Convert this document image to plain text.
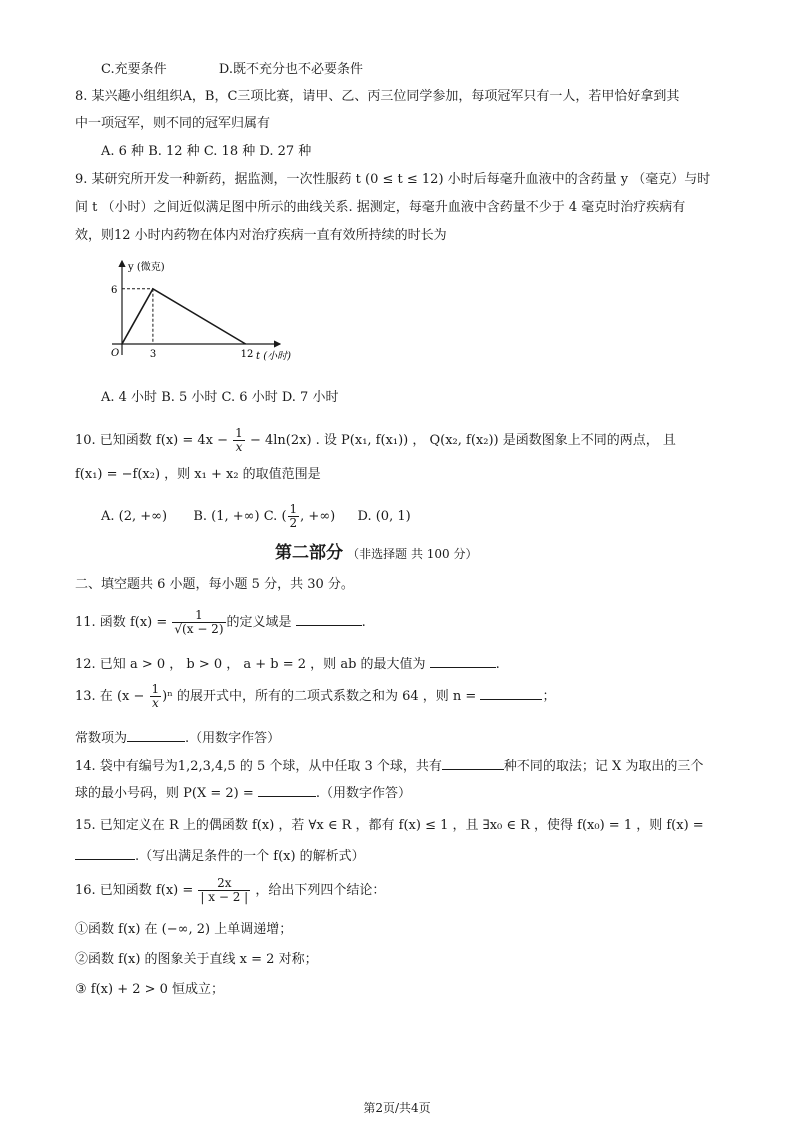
C.充要条件	D.既不充分也不必要条件
8. 某兴趣小组组织A，B，C三项比赛，请甲、乙、丙三位同学参加，每项冠军只有一人，若甲恰好拿到其
中一项冠军，则不同的冠军归属有
A. 6 种 B. 12 种 C. 18 种 D. 27 种
9. 某研究所开发一种新药，据监测，一次性服药 t (0 ≤ t ≤ 12) 小时后每毫升血液中的含药量 y （毫克）与时
间 t （小时）之间近似满足图中所示的曲线关系. 据测定，每毫升血液中含药量不少于 4 毫克时治疗疾病有
效，则12 小时内药物在体内对治疗疾病一直有效所持续的时长为
3	12
6
y (微克)
t (小时)
O
A. 4 小时 B. 5 小时 C. 6 小时 D. 7 小时
10. 已知函数 $f(x) = 4x - \frac{1}{x} - 4\ln(2x)$ . 设 P(x₁, f(x₁)) ， Q(x₂, f(x₂)) 是函数图象上不同的两点， 且
f(x₁) = −f(x₂) ，则 x₁ + x₂ 的取值范围是
A. (2, +∞) B. (1, +∞) C. ( $\frac{1}{2}$ , +∞) D. (0, 1)
第二部分 （非选择题 共 100 分）
二、填空题共 6 小题，每小题 5 分，共 30 分。
11. 函数 $f(x) = \frac{1}{√(x - 2)}$ 的定义域是	.
12. 已知 a > 0 ， b > 0 ， a + b = 2 ，则 ab 的最大值为	.
13. 在 $(x - \frac{1}{x} )^n$ 的展开式中，所有的二项式系数之和为 64 ，则 n =	；
常数项为	.（用数字作答）
14. 袋中有编号为1,2,3,4,5 的 5 个球，从中任取 3 个球，共有	种不同的取法；记 X 为取出的三个
球的最小号码，则 P(X = 2) =	.（用数字作答）
15. 已知定义在 R 上的偶函数 f(x) ，若 ∀x ∈ R ，都有 f(x) ≤ 1 ，且 ∃x₀ ∈ R ，使得 f(x₀) = 1 ，则 f(x) =
.（写出满足条件的一个 f(x) 的解析式）
16. 已知函数 $f(x) = \frac{2x}{| x - 2 |}$ ，给出下列四个结论：
①函数 f(x) 在 (−∞, 2) 上单调递增；
②函数 f(x) 的图象关于直线 x = 2 对称；
③ f(x) + 2 > 0 恒成立；
第2页/共4页
